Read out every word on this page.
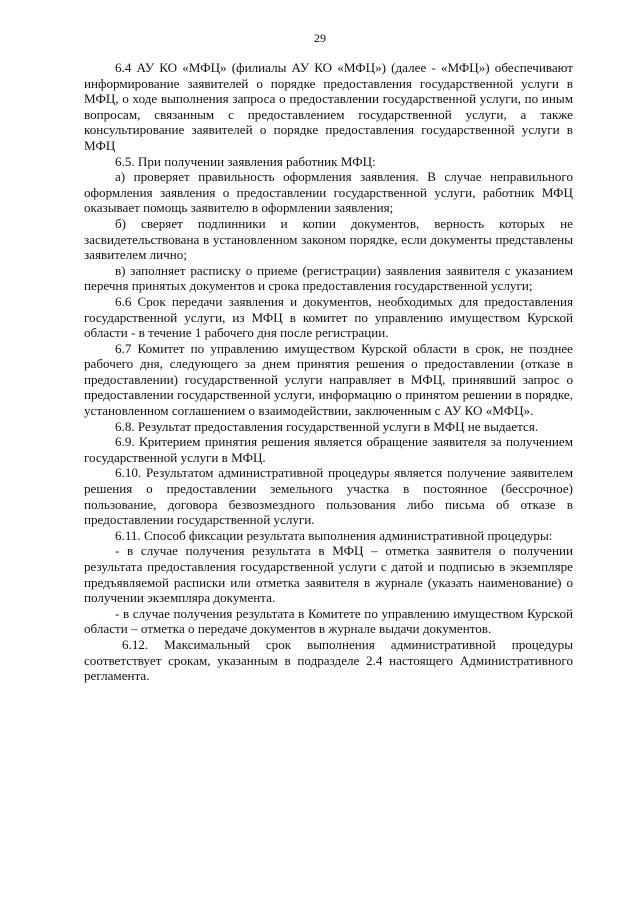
29

6.4 АУ КО «МФЦ» (филиалы АУ КО «МФЦ») (далее - «МФЦ») обеспечивают информирование заявителей о порядке предоставления государственной услуги в МФЦ, о ходе выполнения запроса о предоставлении государственной услуги, по иным вопросам, связанным с предоставлением государственной услуги, а также консультирование заявителей о порядке предоставления государственной услуги в МФЦ

6.5. При получении заявления работник МФЦ:

а) проверяет правильность оформления заявления. В случае неправильного оформления заявления о предоставлении государственной услуги, работник МФЦ оказывает помощь заявителю в оформлении заявления;

б) сверяет подлинники и копии документов, верность которых не засвидетельствована в установленном законом порядке, если документы представлены заявителем лично;

в) заполняет расписку о приеме (регистрации) заявления заявителя с указанием перечня принятых документов и срока предоставления государственной услуги;

6.6 Срок передачи заявления и документов, необходимых для предоставления государственной услуги, из МФЦ в комитет по управлению имуществом Курской области - в течение 1 рабочего дня после регистрации.

6.7 Комитет по управлению имуществом Курской области в срок, не позднее рабочего дня, следующего за днем принятия решения о предоставлении (отказе в предоставлении) государственной услуги направляет в МФЦ, принявший запрос о предоставлении государственной услуги, информацию о принятом решении в порядке, установленном соглашением о взаимодействии, заключенным с АУ КО «МФЦ».

6.8. Результат предоставления государственной услуги в МФЦ не выдается.

6.9. Критерием принятия решения является обращение заявителя за получением государственной услуги в МФЦ.

6.10. Результатом административной процедуры является получение заявителем решения о предоставлении земельного участка в постоянное (бессрочное) пользование, договора безвозмездного пользования либо письма об отказе в предоставлении государственной услуги.

6.11. Способ фиксации результата выполнения административной процедуры:

- в случае получения результата в МФЦ – отметка заявителя о получении результата предоставления государственной услуги с датой и подписью в экземпляре предъявляемой расписки или отметка заявителя в журнале (указать наименование) о получении экземпляра документа.

- в случае получения результата в Комитете по управлению имуществом Курской области – отметка о передаче документов в журнале выдачи документов.

6.12. Максимальный срок выполнения административной процедуры соответствует срокам, указанным в подразделе 2.4 настоящего Административного регламента.
